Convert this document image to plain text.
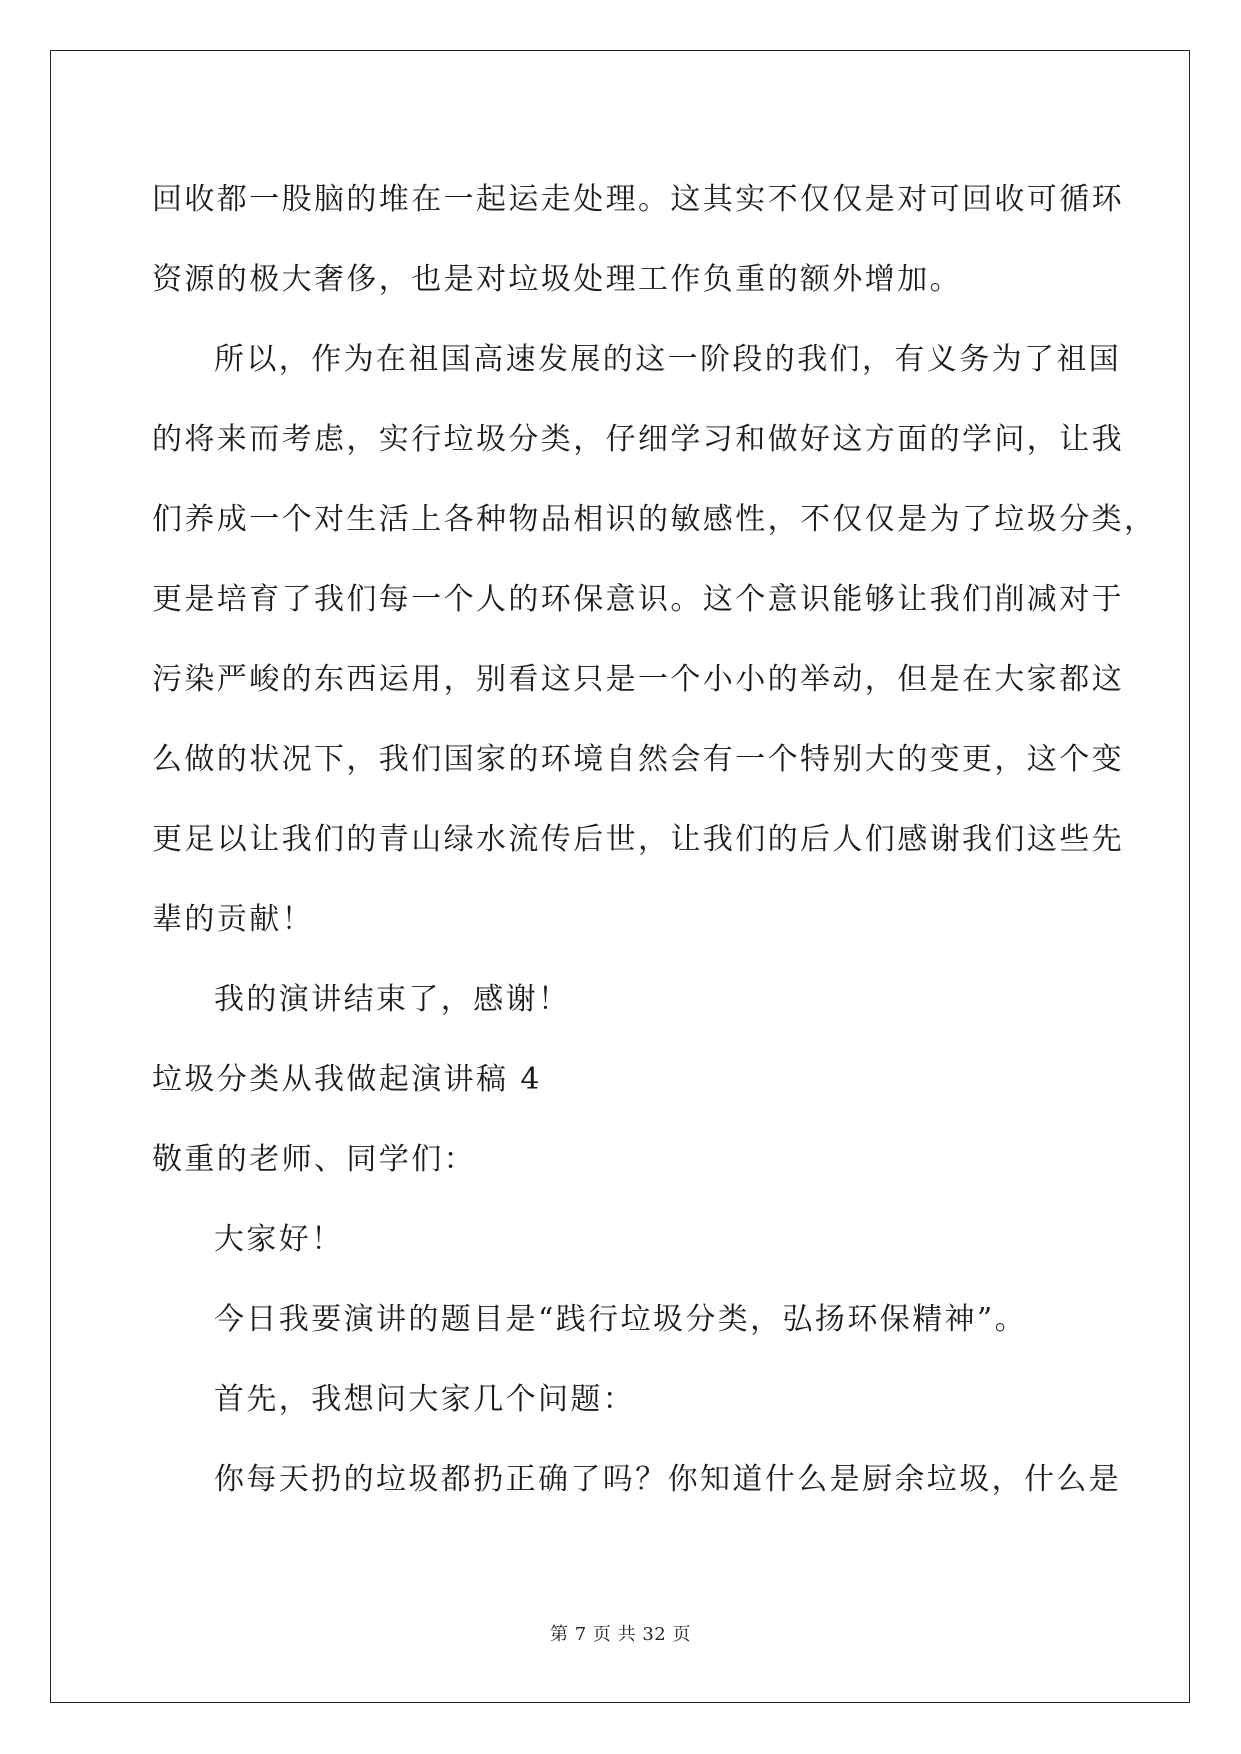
回收都一股脑的堆在一起运走处理。这其实不仅仅是对可回收可循环
资源的极大奢侈，也是对垃圾处理工作负重的额外增加。
所以，作为在祖国高速发展的这一阶段的我们，有义务为了祖国
的将来而考虑，实行垃圾分类，仔细学习和做好这方面的学问，让我
们养成一个对生活上各种物品相识的敏感性，不仅仅是为了垃圾分类，
更是培育了我们每一个人的环保意识。这个意识能够让我们削减对于
污染严峻的东西运用，别看这只是一个小小的举动，但是在大家都这
么做的状况下，我们国家的环境自然会有一个特别大的变更，这个变
更足以让我们的青山绿水流传后世，让我们的后人们感谢我们这些先
辈的贡献！
我的演讲结束了，感谢！
垃圾分类从我做起演讲稿 4
敬重的老师、同学们：
大家好！
今日我要演讲的题目是“践行垃圾分类，弘扬环保精神”。
首先，我想问大家几个问题：
你每天扔的垃圾都扔正确了吗？你知道什么是厨余垃圾，什么是
第 7 页 共 32 页
